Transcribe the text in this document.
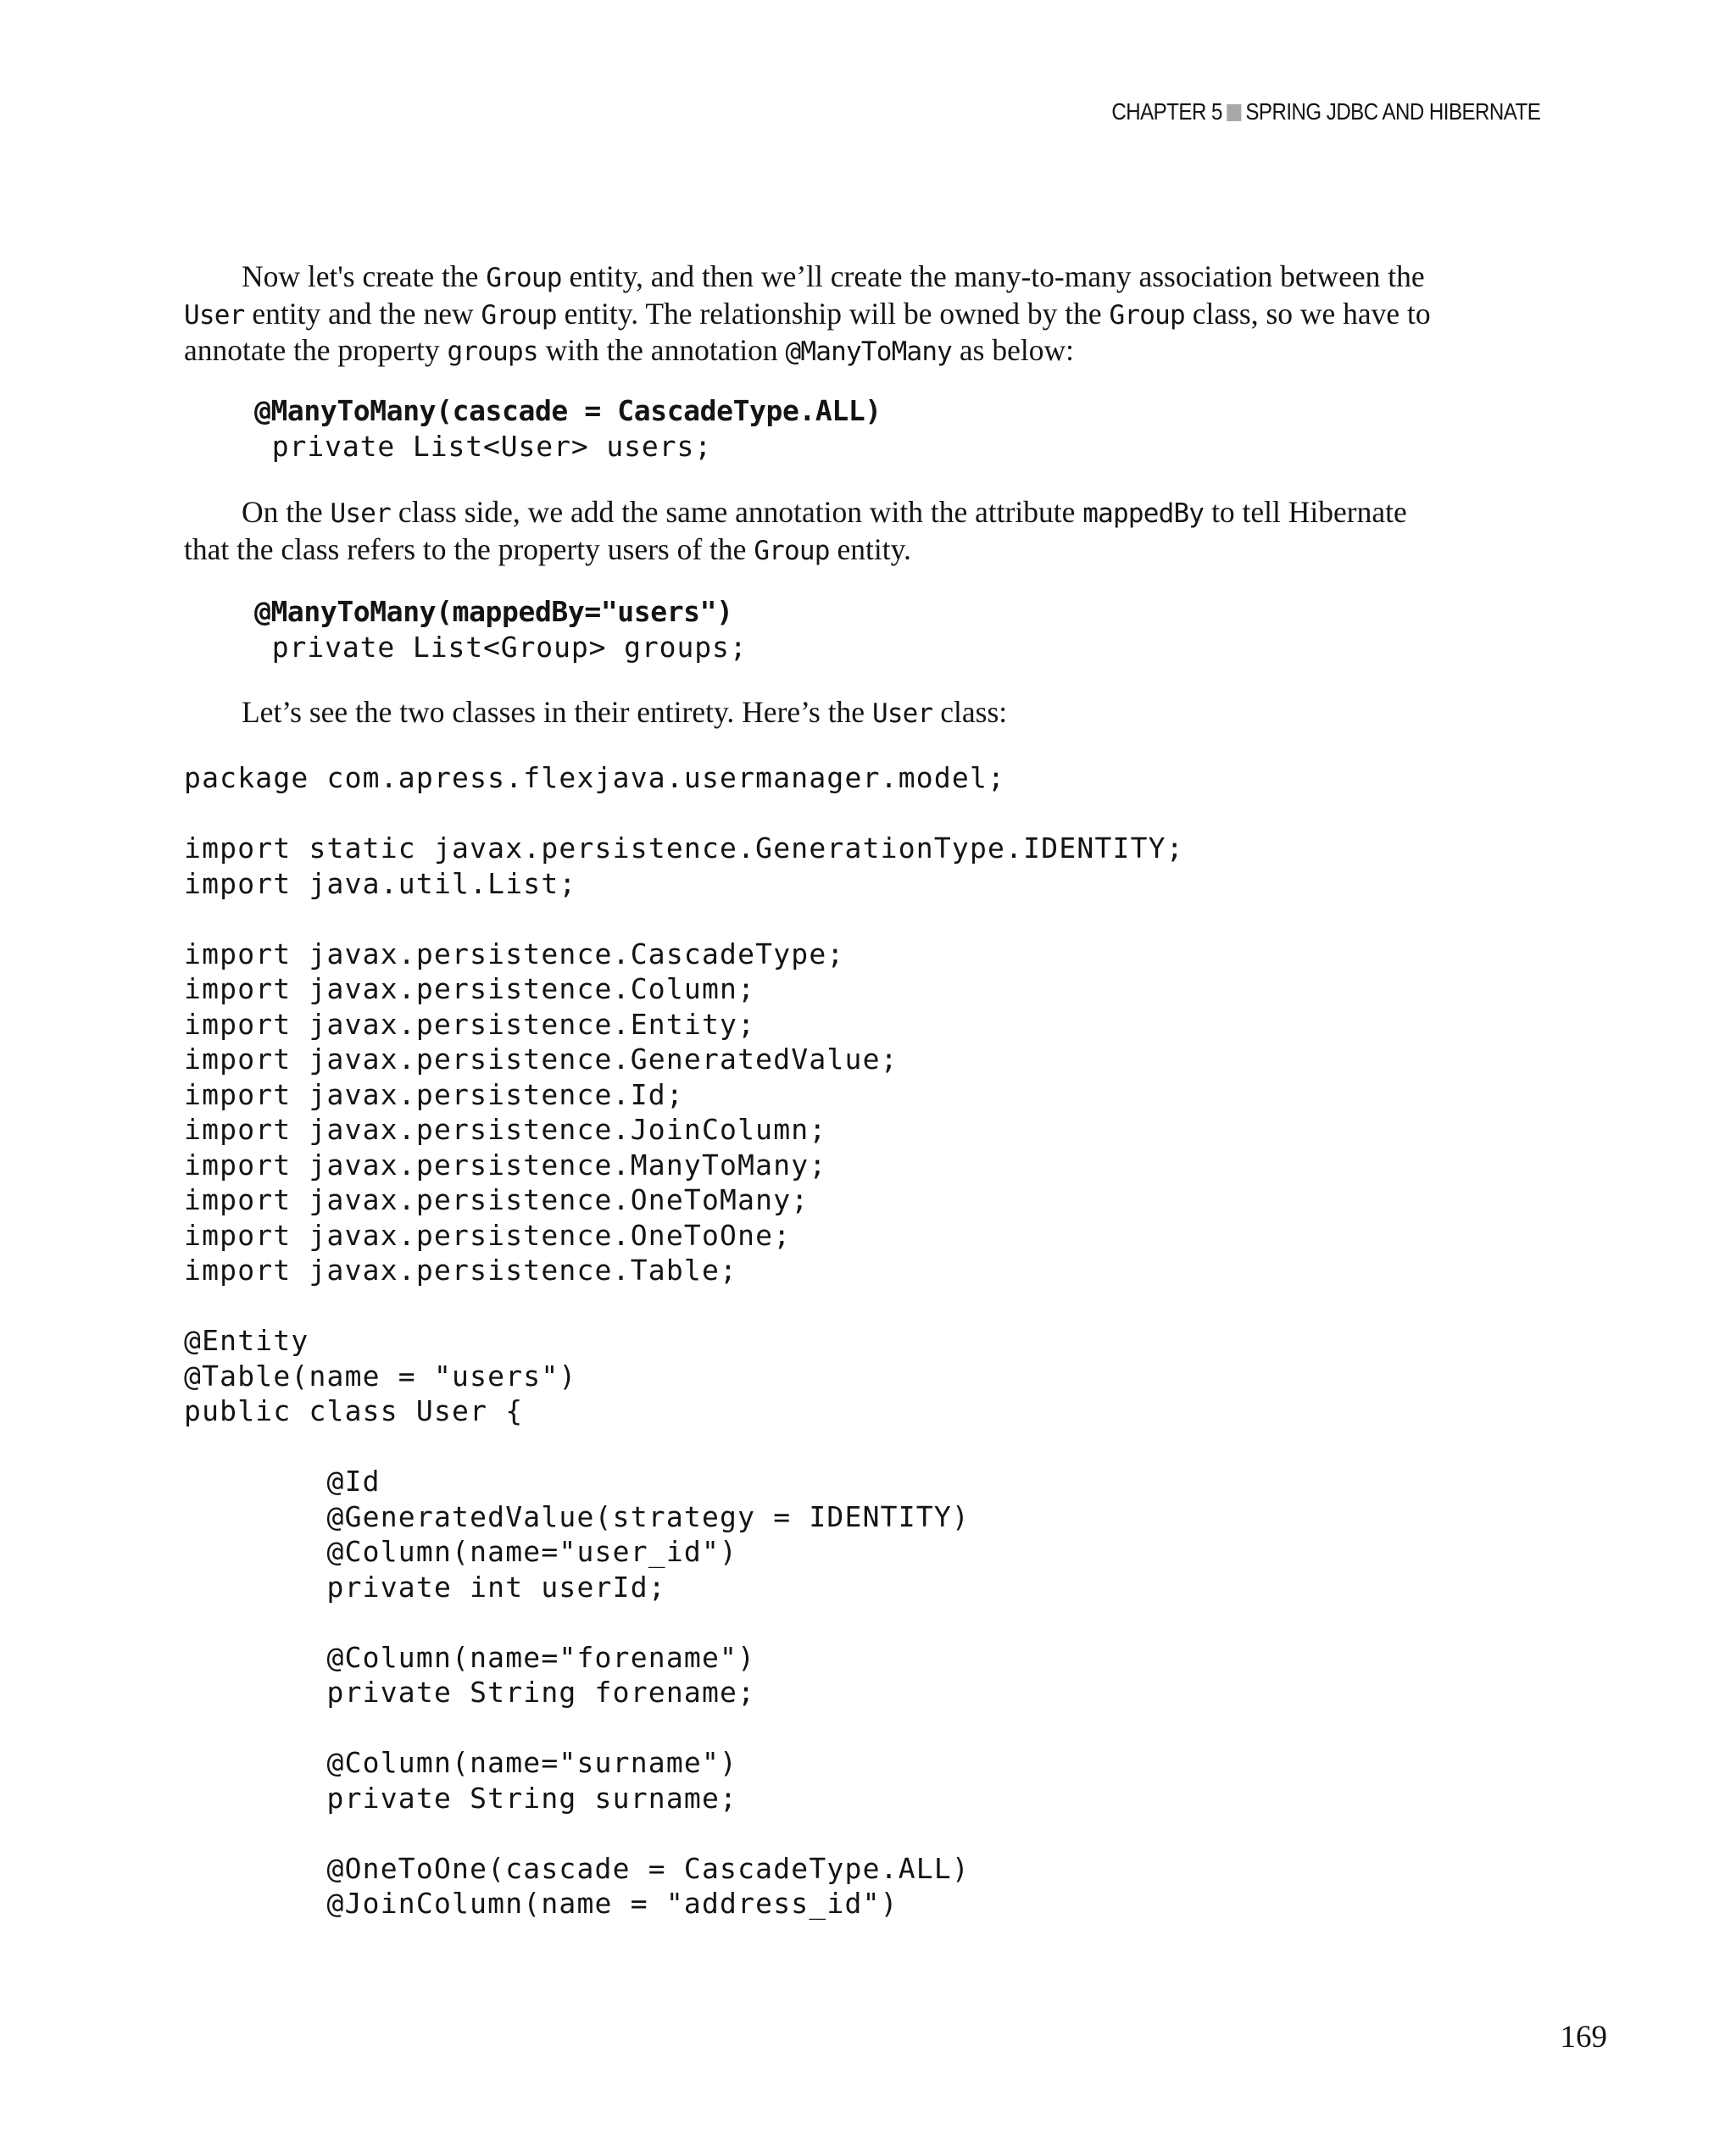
CHAPTER 5 SPRING JDBC AND HIBERNATE

Now let's create the Group entity, and then we’ll create the many-to-many association between the
User entity and the new Group entity. The relationship will be owned by the Group class, so we have to
annotate the property groups with the annotation @ManyToMany as below:

@ManyToMany(cascade = CascadeType.ALL)
private List<User> users;

On the User class side, we add the same annotation with the attribute mappedBy to tell Hibernate
that the class refers to the property users of the Group entity.

@ManyToMany(mappedBy="users")
private List<Group> groups;

Let’s see the two classes in their entirety. Here’s the User class:

package com.apress.flexjava.usermanager.model;

import static javax.persistence.GenerationType.IDENTITY;
import java.util.List;

import javax.persistence.CascadeType;
import javax.persistence.Column;
import javax.persistence.Entity;
import javax.persistence.GeneratedValue;
import javax.persistence.Id;
import javax.persistence.JoinColumn;
import javax.persistence.ManyToMany;
import javax.persistence.OneToMany;
import javax.persistence.OneToOne;
import javax.persistence.Table;

@Entity
@Table(name = "users")
public class User {

@Id
@GeneratedValue(strategy = IDENTITY)
@Column(name="user_id")
private int userId;

@Column(name="forename")
private String forename;

@Column(name="surname")
private String surname;

@OneToOne(cascade = CascadeType.ALL)
@JoinColumn(name = "address_id")
169
